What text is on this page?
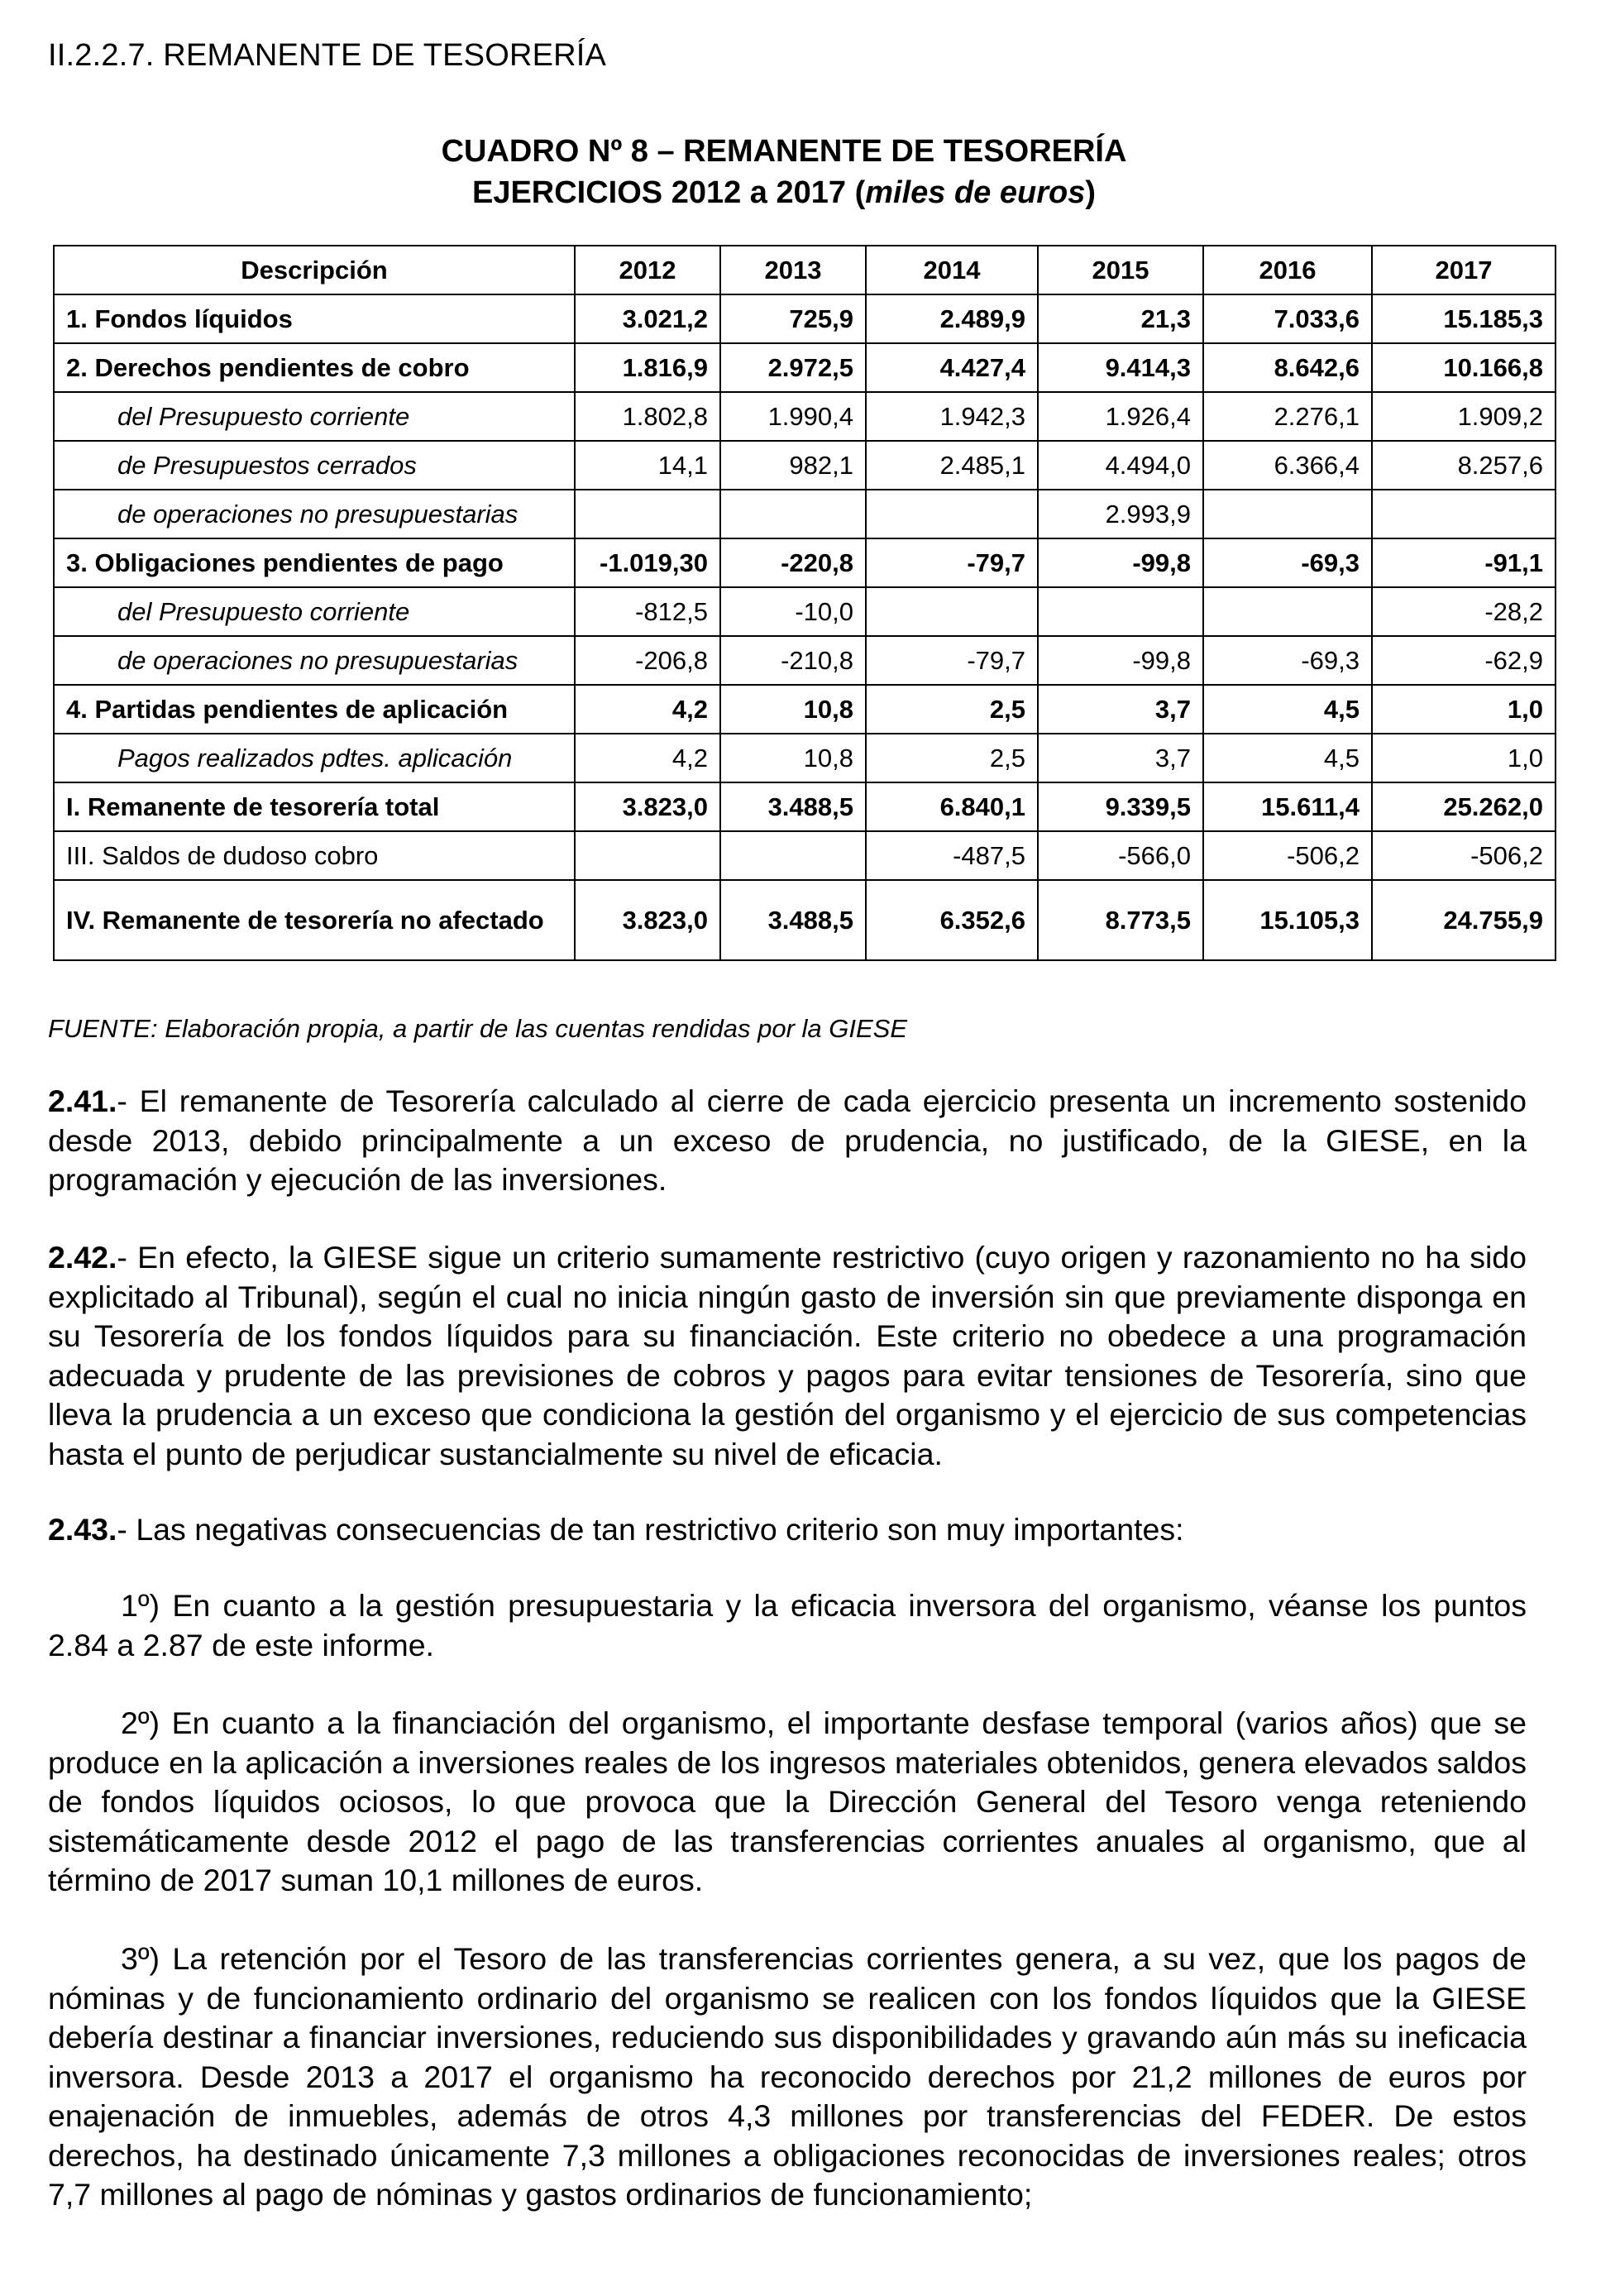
II.2.2.7. REMANENTE DE TESORERÍA
CUADRO Nº 8 – REMANENTE DE TESORERÍA
EJERCICIOS 2012 a 2017 (miles de euros)
Descripción	2012	2013	2014	2015	2016	2017
1. Fondos líquidos	3.021,2	725,9	2.489,9	21,3	7.033,6	15.185,3
2. Derechos pendientes de cobro	1.816,9	2.972,5	4.427,4	9.414,3	8.642,6	10.166,8
del Presupuesto corriente	1.802,8	1.990,4	1.942,3	1.926,4	2.276,1	1.909,2
de Presupuestos cerrados	14,1	982,1	2.485,1	4.494,0	6.366,4	8.257,6
de operaciones no presupuestarias				2.993,9		
3. Obligaciones pendientes de pago	-1.019,30	-220,8	-79,7	-99,8	-69,3	-91,1
del Presupuesto corriente	-812,5	-10,0				-28,2
de operaciones no presupuestarias	-206,8	-210,8	-79,7	-99,8	-69,3	-62,9
4. Partidas pendientes de aplicación	4,2	10,8	2,5	3,7	4,5	1,0
Pagos realizados pdtes. aplicación	4,2	10,8	2,5	3,7	4,5	1,0
I. Remanente de tesorería total	3.823,0	3.488,5	6.840,1	9.339,5	15.611,4	25.262,0
III. Saldos de dudoso cobro			-487,5	-566,0	-506,2	-506,2
IV. Remanente de tesorería no afectado	3.823,0	3.488,5	6.352,6	8.773,5	15.105,3	24.755,9
FUENTE: Elaboración propia, a partir de las cuentas rendidas por la GIESE

2.41.- El remanente de Tesorería calculado al cierre de cada ejercicio presenta un incremento sostenido desde 2013, debido principalmente a un exceso de prudencia, no justificado, de la GIESE, en la programación y ejecución de las inversiones.

2.42.- En efecto, la GIESE sigue un criterio sumamente restrictivo (cuyo origen y razonamiento no ha sido explicitado al Tribunal), según el cual no inicia ningún gasto de inversión sin que previamente disponga en su Tesorería de los fondos líquidos para su financiación. Este criterio no obedece a una programación adecuada y prudente de las previsiones de cobros y pagos para evitar tensiones de Tesorería, sino que lleva la prudencia a un exceso que condiciona la gestión del organismo y el ejercicio de sus competencias hasta el punto de perjudicar sustancialmente su nivel de eficacia.

2.43.- Las negativas consecuencias de tan restrictivo criterio son muy importantes:

1º) En cuanto a la gestión presupuestaria y la eficacia inversora del organismo, véanse los puntos 2.84 a 2.87 de este informe.

2º) En cuanto a la financiación del organismo, el importante desfase temporal (varios años) que se produce en la aplicación a inversiones reales de los ingresos materiales obtenidos, genera elevados saldos de fondos líquidos ociosos, lo que provoca que la Dirección General del Tesoro venga reteniendo sistemáticamente desde 2012 el pago de las transferencias corrientes anuales al organismo, que al término de 2017 suman 10,1 millones de euros.

3º) La retención por el Tesoro de las transferencias corrientes genera, a su vez, que los pagos de nóminas y de funcionamiento ordinario del organismo se realicen con los fondos líquidos que la GIESE debería destinar a financiar inversiones, reduciendo sus disponibilidades y gravando aún más su ineficacia inversora. Desde 2013 a 2017 el organismo ha reconocido derechos por 21,2 millones de euros por enajenación de inmuebles, además de otros 4,3 millones por transferencias del FEDER. De estos derechos, ha destinado únicamente 7,3 millones a obligaciones reconocidas de inversiones reales; otros 7,7 millones al pago de nóminas y gastos ordinarios de funcionamiento;
